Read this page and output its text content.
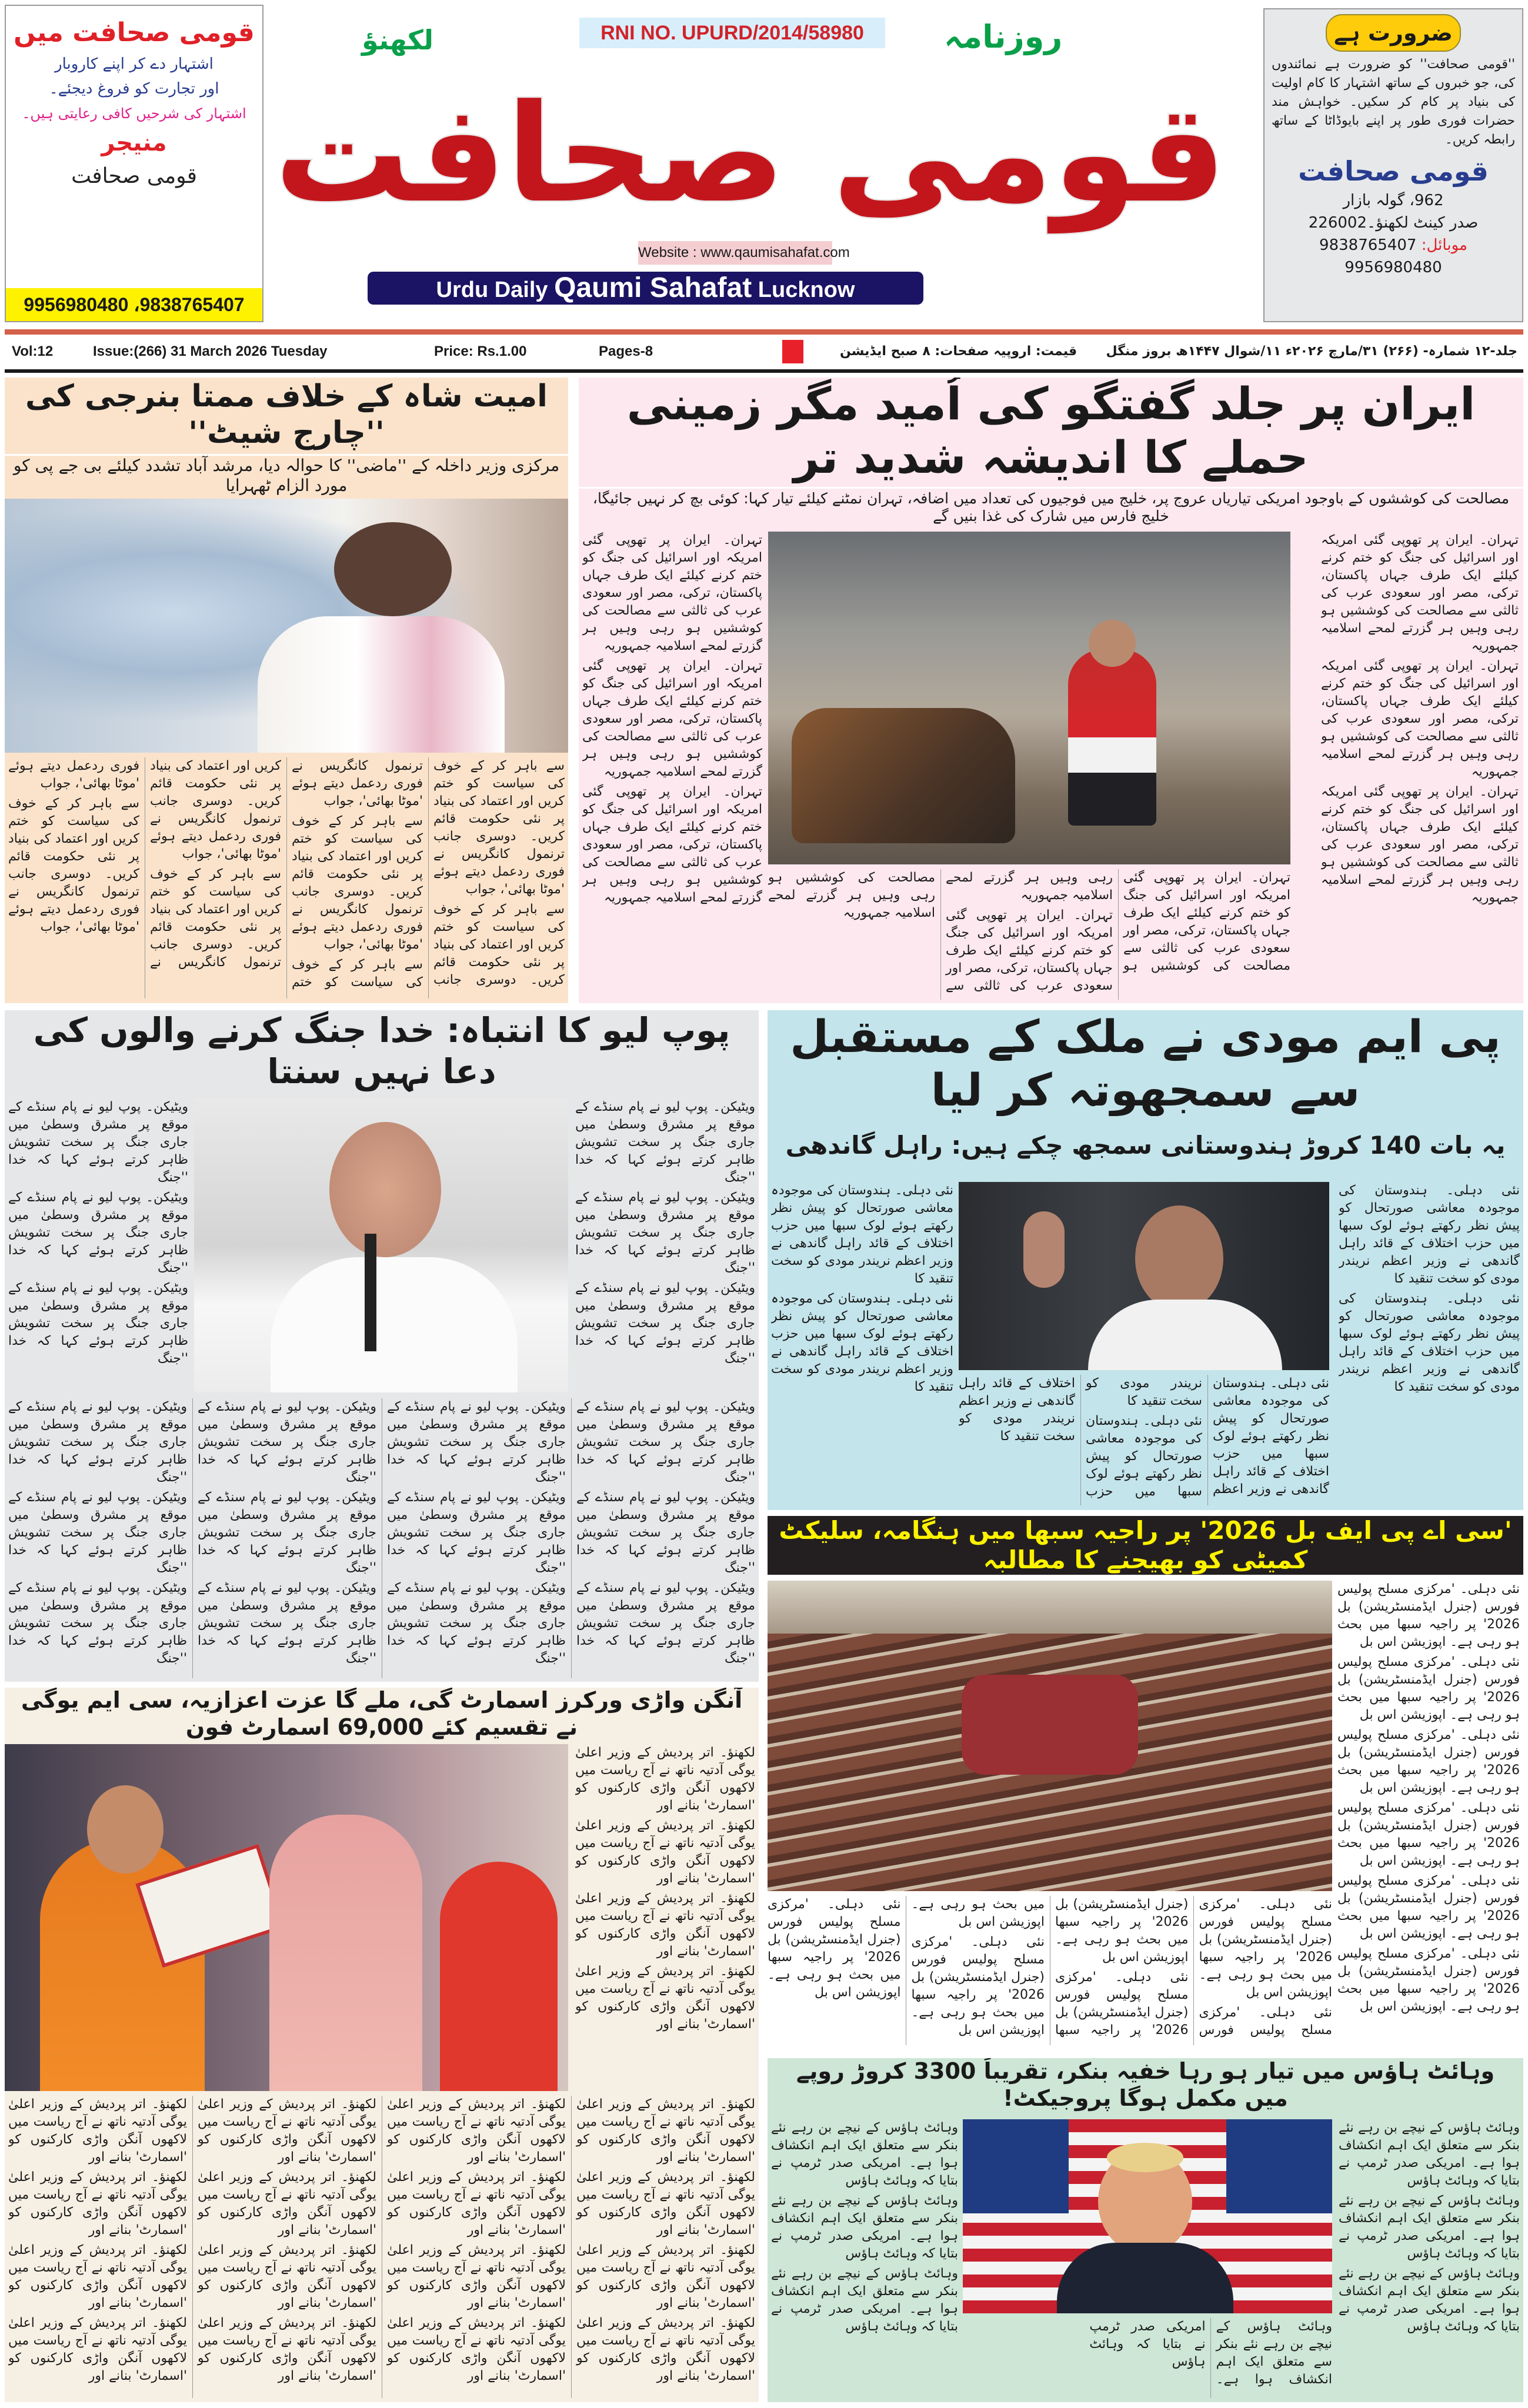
قومی صحافت میں
اشتہار دے کر اپنے کاروبار
اور تجارت کو فروغ دیجئے۔
اشتہار کی شرحیں کافی رعایتی ہیں۔
منیجر
قومی صحافت
9956980480 ،9838765407
لکھنؤ	RNI NO. UPURD/2014/58980	روزنامہ
قومی صحافت
Website : www.qaumisahafat.com
Urdu Daily Qaumi Sahafat Lucknow
ضرورت ہے
''قومی صحافت'' کو ضرورت ہے نمائندوں کی، جو خبروں کے ساتھ اشتہار کا کام اولیت کی بنیاد پر کام کر سکیں۔ خواہش مند حضرات فوری طور پر اپنے بایوڈاٹا کے ساتھ رابطہ کریں۔
قومی صحافت
962، گولہ بازار
صدر کینٹ لکھنؤ۔226002
موبائل: 9838765407
9956980480
Vol:12	Issue:(266) 31 March 2026 Tuesday	Price: Rs.1.00	Pages-8	قیمت: اروپیہ صفحات: ۸ صبح ایڈیشن جلد-۱۲ شمارہ- (۲۶۶) ۳۱/مارچ ۲۰۲۶ء ۱۱/شوال ۱۴۴۷ھ بروز منگل
امیت شاہ کے خلاف ممتا بنرجی کی ''چارج شیٹ''
مرکزی وزیر داخلہ کے ''ماضی'' کا حوالہ دیا، مرشد آباد تشدد کیلئے بی جے پی کو مورد الزام ٹھہرایا

سے باہر کر کے خوف کی سیاست کو ختم کریں اور اعتماد کی بنیاد پر نئی حکومت قائم کریں۔ دوسری جانب ترنمول کانگریس نے فوری ردعمل دیتے ہوئے 'موٹا بھائی'، جواب

سے باہر کر کے خوف کی سیاست کو ختم کریں اور اعتماد کی بنیاد پر نئی حکومت قائم کریں۔ دوسری جانب ترنمول کانگریس نے فوری ردعمل دیتے ہوئے 'موٹا بھائی'، جواب

سے باہر کر کے خوف کی سیاست کو ختم کریں اور اعتماد کی بنیاد پر نئی حکومت قائم کریں۔ دوسری جانب ترنمول کانگریس نے فوری ردعمل دیتے ہوئے 'موٹا بھائی'، جواب

سے باہر کر کے خوف کی سیاست کو ختم کریں اور اعتماد کی بنیاد پر نئی حکومت قائم کریں۔ دوسری جانب ترنمول کانگریس نے فوری ردعمل دیتے ہوئے 'موٹا بھائی'، جواب

سے باہر کر کے خوف کی سیاست کو ختم کریں اور اعتماد کی بنیاد پر نئی حکومت قائم کریں۔ دوسری جانب ترنمول کانگریس نے فوری ردعمل دیتے ہوئے 'موٹا بھائی'، جواب

سے باہر کر کے خوف کی سیاست کو ختم کریں اور اعتماد کی بنیاد پر نئی حکومت قائم کریں۔ دوسری جانب ترنمول کانگریس نے فوری ردعمل دیتے ہوئے 'موٹا بھائی'، جواب

ایران پر جلد گفتگو کی اُمید مگر زمینی حملے کا اندیشہ شدید تر
مصالحت کی کوششوں کے باوجود امریکی تیاریاں عروج پر، خلیج میں فوجیوں کی تعداد میں اضافہ، تہران نمٹنے کیلئے تیار کہا: کوئی بچ کر نہیں جائیگا، خلیج فارس میں شارک کی غذا بنیں گے

تہران۔ ایران پر تھوپی گئی امریکہ اور اسرائیل کی جنگ کو ختم کرنے کیلئے ایک طرف جہاں پاکستان، ترکی، مصر اور سعودی عرب کی ثالثی سے مصالحت کی کوششیں ہو رہی وہیں ہر گزرتے لمحے اسلامیہ جمہوریہ

تہران۔ ایران پر تھوپی گئی امریکہ اور اسرائیل کی جنگ کو ختم کرنے کیلئے ایک طرف جہاں پاکستان، ترکی، مصر اور سعودی عرب کی ثالثی سے مصالحت کی کوششیں ہو رہی وہیں ہر گزرتے لمحے اسلامیہ جمہوریہ

تہران۔ ایران پر تھوپی گئی امریکہ اور اسرائیل کی جنگ کو ختم کرنے کیلئے ایک طرف جہاں پاکستان، ترکی، مصر اور سعودی عرب کی ثالثی سے مصالحت کی کوششیں ہو رہی وہیں ہر گزرتے لمحے اسلامیہ جمہوریہ

تہران۔ ایران پر تھوپی گئی امریکہ اور اسرائیل کی جنگ کو ختم کرنے کیلئے ایک طرف جہاں پاکستان، ترکی، مصر اور سعودی عرب کی ثالثی سے مصالحت کی کوششیں ہو رہی وہیں ہر گزرتے لمحے اسلامیہ جمہوریہ

تہران۔ ایران پر تھوپی گئی امریکہ اور اسرائیل کی جنگ کو ختم کرنے کیلئے ایک طرف جہاں پاکستان، ترکی، مصر اور سعودی عرب کی ثالثی سے مصالحت کی کوششیں ہو رہی وہیں ہر گزرتے لمحے اسلامیہ جمہوریہ

تہران۔ ایران پر تھوپی گئی امریکہ اور اسرائیل کی جنگ کو ختم کرنے کیلئے ایک طرف جہاں پاکستان، ترکی، مصر اور سعودی عرب کی ثالثی سے مصالحت کی کوششیں ہو رہی وہیں ہر گزرتے لمحے اسلامیہ جمہوریہ

تہران۔ ایران پر تھوپی گئی امریکہ اور اسرائیل کی جنگ کو ختم کرنے کیلئے ایک طرف جہاں پاکستان، ترکی، مصر اور سعودی عرب کی ثالثی سے مصالحت کی کوششیں ہو رہی وہیں ہر گزرتے لمحے اسلامیہ جمہوریہ

تہران۔ ایران پر تھوپی گئی امریکہ اور اسرائیل کی جنگ کو ختم کرنے کیلئے ایک طرف جہاں پاکستان، ترکی، مصر اور سعودی عرب کی ثالثی سے مصالحت کی کوششیں ہو رہی وہیں ہر گزرتے لمحے اسلامیہ جمہوریہ

پوپ لیو کا انتباہ: خدا جنگ کرنے والوں کی دعا نہیں سنتا

ویٹیکن۔ پوپ لیو نے پام سنڈے کے موقع پر مشرق وسطیٰ میں جاری جنگ پر سخت تشویش ظاہر کرتے ہوئے کہا کہ خدا ''جنگ

ویٹیکن۔ پوپ لیو نے پام سنڈے کے موقع پر مشرق وسطیٰ میں جاری جنگ پر سخت تشویش ظاہر کرتے ہوئے کہا کہ خدا ''جنگ

ویٹیکن۔ پوپ لیو نے پام سنڈے کے موقع پر مشرق وسطیٰ میں جاری جنگ پر سخت تشویش ظاہر کرتے ہوئے کہا کہ خدا ''جنگ

ویٹیکن۔ پوپ لیو نے پام سنڈے کے موقع پر مشرق وسطیٰ میں جاری جنگ پر سخت تشویش ظاہر کرتے ہوئے کہا کہ خدا ''جنگ

ویٹیکن۔ پوپ لیو نے پام سنڈے کے موقع پر مشرق وسطیٰ میں جاری جنگ پر سخت تشویش ظاہر کرتے ہوئے کہا کہ خدا ''جنگ

ویٹیکن۔ پوپ لیو نے پام سنڈے کے موقع پر مشرق وسطیٰ میں جاری جنگ پر سخت تشویش ظاہر کرتے ہوئے کہا کہ خدا ''جنگ

ویٹیکن۔ پوپ لیو نے پام سنڈے کے موقع پر مشرق وسطیٰ میں جاری جنگ پر سخت تشویش ظاہر کرتے ہوئے کہا کہ خدا ''جنگ

ویٹیکن۔ پوپ لیو نے پام سنڈے کے موقع پر مشرق وسطیٰ میں جاری جنگ پر سخت تشویش ظاہر کرتے ہوئے کہا کہ خدا ''جنگ

ویٹیکن۔ پوپ لیو نے پام سنڈے کے موقع پر مشرق وسطیٰ میں جاری جنگ پر سخت تشویش ظاہر کرتے ہوئے کہا کہ خدا ''جنگ

ویٹیکن۔ پوپ لیو نے پام سنڈے کے موقع پر مشرق وسطیٰ میں جاری جنگ پر سخت تشویش ظاہر کرتے ہوئے کہا کہ خدا ''جنگ

ویٹیکن۔ پوپ لیو نے پام سنڈے کے موقع پر مشرق وسطیٰ میں جاری جنگ پر سخت تشویش ظاہر کرتے ہوئے کہا کہ خدا ''جنگ

ویٹیکن۔ پوپ لیو نے پام سنڈے کے موقع پر مشرق وسطیٰ میں جاری جنگ پر سخت تشویش ظاہر کرتے ہوئے کہا کہ خدا ''جنگ

ویٹیکن۔ پوپ لیو نے پام سنڈے کے موقع پر مشرق وسطیٰ میں جاری جنگ پر سخت تشویش ظاہر کرتے ہوئے کہا کہ خدا ''جنگ

ویٹیکن۔ پوپ لیو نے پام سنڈے کے موقع پر مشرق وسطیٰ میں جاری جنگ پر سخت تشویش ظاہر کرتے ہوئے کہا کہ خدا ''جنگ

ویٹیکن۔ پوپ لیو نے پام سنڈے کے موقع پر مشرق وسطیٰ میں جاری جنگ پر سخت تشویش ظاہر کرتے ہوئے کہا کہ خدا ''جنگ

ویٹیکن۔ پوپ لیو نے پام سنڈے کے موقع پر مشرق وسطیٰ میں جاری جنگ پر سخت تشویش ظاہر کرتے ہوئے کہا کہ خدا ''جنگ

ویٹیکن۔ پوپ لیو نے پام سنڈے کے موقع پر مشرق وسطیٰ میں جاری جنگ پر سخت تشویش ظاہر کرتے ہوئے کہا کہ خدا ''جنگ

ویٹیکن۔ پوپ لیو نے پام سنڈے کے موقع پر مشرق وسطیٰ میں جاری جنگ پر سخت تشویش ظاہر کرتے ہوئے کہا کہ خدا ''جنگ

پی ایم مودی نے ملک کے مستقبل سے سمجھوتہ کر لیا
یہ بات 140 کروڑ ہندوستانی سمجھ چکے ہیں: راہل گاندھی

نئی دہلی۔ ہندوستان کی موجودہ معاشی صورتحال کو پیش نظر رکھتے ہوئے لوک سبھا میں حزب اختلاف کے قائد راہل گاندھی نے وزیر اعظم نریندر مودی کو سخت تنقید کا

نئی دہلی۔ ہندوستان کی موجودہ معاشی صورتحال کو پیش نظر رکھتے ہوئے لوک سبھا میں حزب اختلاف کے قائد راہل گاندھی نے وزیر اعظم نریندر مودی کو سخت تنقید کا

نئی دہلی۔ ہندوستان کی موجودہ معاشی صورتحال کو پیش نظر رکھتے ہوئے لوک سبھا میں حزب اختلاف کے قائد راہل گاندھی نے وزیر اعظم نریندر مودی کو سخت تنقید کا

نئی دہلی۔ ہندوستان کی موجودہ معاشی صورتحال کو پیش نظر رکھتے ہوئے لوک سبھا میں حزب اختلاف کے قائد راہل گاندھی نے وزیر اعظم نریندر مودی کو سخت تنقید کا	نئی دہلی۔ ہندوستان کی موجودہ معاشی صورتحال کو پیش نظر رکھتے ہوئے لوک سبھا میں حزب اختلاف کے قائد راہل گاندھی نے وزیر اعظم نریندر مودی کو سخت تنقید کا

نئی دہلی۔ ہندوستان کی موجودہ معاشی صورتحال کو پیش نظر رکھتے ہوئے لوک سبھا میں حزب اختلاف کے قائد راہل گاندھی نے وزیر اعظم نریندر مودی کو سخت تنقید کا

'سی اے پی ایف بل 2026' پر راجیہ سبھا میں ہنگامہ، سلیکٹ کمیٹی کو بھیجنے کا مطالبہ

نئی دہلی۔ 'مرکزی مسلح پولیس فورس (جنرل ایڈمنسٹریشن) بل 2026' پر راجیہ سبھا میں بحث ہو رہی ہے۔ اپوزیشن اس بل

نئی دہلی۔ 'مرکزی مسلح پولیس فورس (جنرل ایڈمنسٹریشن) بل 2026' پر راجیہ سبھا میں بحث ہو رہی ہے۔ اپوزیشن اس بل

نئی دہلی۔ 'مرکزی مسلح پولیس فورس (جنرل ایڈمنسٹریشن) بل 2026' پر راجیہ سبھا میں بحث ہو رہی ہے۔ اپوزیشن اس بل

نئی دہلی۔ 'مرکزی مسلح پولیس فورس (جنرل ایڈمنسٹریشن) بل 2026' پر راجیہ سبھا میں بحث ہو رہی ہے۔ اپوزیشن اس بل

نئی دہلی۔ 'مرکزی مسلح پولیس فورس (جنرل ایڈمنسٹریشن) بل 2026' پر راجیہ سبھا میں بحث ہو رہی ہے۔ اپوزیشن اس بل

نئی دہلی۔ 'مرکزی مسلح پولیس فورس (جنرل ایڈمنسٹریشن) بل 2026' پر راجیہ سبھا میں بحث ہو رہی ہے۔ اپوزیشن اس بل

نئی دہلی۔ 'مرکزی مسلح پولیس فورس (جنرل ایڈمنسٹریشن) بل 2026' پر راجیہ سبھا میں بحث ہو رہی ہے۔ اپوزیشن اس بل

نئی دہلی۔ 'مرکزی مسلح پولیس فورس (جنرل ایڈمنسٹریشن) بل 2026' پر راجیہ سبھا میں بحث ہو رہی ہے۔ اپوزیشن اس بل

نئی دہلی۔ 'مرکزی مسلح پولیس فورس (جنرل ایڈمنسٹریشن) بل 2026' پر راجیہ سبھا میں بحث ہو رہی ہے۔ اپوزیشن اس بل

نئی دہلی۔ 'مرکزی مسلح پولیس فورس (جنرل ایڈمنسٹریشن) بل 2026' پر راجیہ سبھا میں بحث ہو رہی ہے۔ اپوزیشن اس بل

نئی دہلی۔ 'مرکزی مسلح پولیس فورس (جنرل ایڈمنسٹریشن) بل 2026' پر راجیہ سبھا میں بحث ہو رہی ہے۔ اپوزیشن اس بل

آنگن واڑی ورکرز اسمارٹ گی، ملے گا عزت اعزازیہ، سی ایم یوگی نے تقسیم کئے 69,000 اسمارٹ فون

لکھنؤ۔ اتر پردیش کے وزیر اعلیٰ یوگی آدتیہ ناتھ نے آج ریاست میں لاکھوں آنگن واڑی کارکنوں کو 'اسمارٹ' بنانے اور

لکھنؤ۔ اتر پردیش کے وزیر اعلیٰ یوگی آدتیہ ناتھ نے آج ریاست میں لاکھوں آنگن واڑی کارکنوں کو 'اسمارٹ' بنانے اور

لکھنؤ۔ اتر پردیش کے وزیر اعلیٰ یوگی آدتیہ ناتھ نے آج ریاست میں لاکھوں آنگن واڑی کارکنوں کو 'اسمارٹ' بنانے اور

لکھنؤ۔ اتر پردیش کے وزیر اعلیٰ یوگی آدتیہ ناتھ نے آج ریاست میں لاکھوں آنگن واڑی کارکنوں کو 'اسمارٹ' بنانے اور

لکھنؤ۔ اتر پردیش کے وزیر اعلیٰ یوگی آدتیہ ناتھ نے آج ریاست میں لاکھوں آنگن واڑی کارکنوں کو 'اسمارٹ' بنانے اور

لکھنؤ۔ اتر پردیش کے وزیر اعلیٰ یوگی آدتیہ ناتھ نے آج ریاست میں لاکھوں آنگن واڑی کارکنوں کو 'اسمارٹ' بنانے اور

لکھنؤ۔ اتر پردیش کے وزیر اعلیٰ یوگی آدتیہ ناتھ نے آج ریاست میں لاکھوں آنگن واڑی کارکنوں کو 'اسمارٹ' بنانے اور

لکھنؤ۔ اتر پردیش کے وزیر اعلیٰ یوگی آدتیہ ناتھ نے آج ریاست میں لاکھوں آنگن واڑی کارکنوں کو 'اسمارٹ' بنانے اور

لکھنؤ۔ اتر پردیش کے وزیر اعلیٰ یوگی آدتیہ ناتھ نے آج ریاست میں لاکھوں آنگن واڑی کارکنوں کو 'اسمارٹ' بنانے اور

لکھنؤ۔ اتر پردیش کے وزیر اعلیٰ یوگی آدتیہ ناتھ نے آج ریاست میں لاکھوں آنگن واڑی کارکنوں کو 'اسمارٹ' بنانے اور

لکھنؤ۔ اتر پردیش کے وزیر اعلیٰ یوگی آدتیہ ناتھ نے آج ریاست میں لاکھوں آنگن واڑی کارکنوں کو 'اسمارٹ' بنانے اور

لکھنؤ۔ اتر پردیش کے وزیر اعلیٰ یوگی آدتیہ ناتھ نے آج ریاست میں لاکھوں آنگن واڑی کارکنوں کو 'اسمارٹ' بنانے اور

لکھنؤ۔ اتر پردیش کے وزیر اعلیٰ یوگی آدتیہ ناتھ نے آج ریاست میں لاکھوں آنگن واڑی کارکنوں کو 'اسمارٹ' بنانے اور

لکھنؤ۔ اتر پردیش کے وزیر اعلیٰ یوگی آدتیہ ناتھ نے آج ریاست میں لاکھوں آنگن واڑی کارکنوں کو 'اسمارٹ' بنانے اور

لکھنؤ۔ اتر پردیش کے وزیر اعلیٰ یوگی آدتیہ ناتھ نے آج ریاست میں لاکھوں آنگن واڑی کارکنوں کو 'اسمارٹ' بنانے اور

لکھنؤ۔ اتر پردیش کے وزیر اعلیٰ یوگی آدتیہ ناتھ نے آج ریاست میں لاکھوں آنگن واڑی کارکنوں کو 'اسمارٹ' بنانے اور

لکھنؤ۔ اتر پردیش کے وزیر اعلیٰ یوگی آدتیہ ناتھ نے آج ریاست میں لاکھوں آنگن واڑی کارکنوں کو 'اسمارٹ' بنانے اور

لکھنؤ۔ اتر پردیش کے وزیر اعلیٰ یوگی آدتیہ ناتھ نے آج ریاست میں لاکھوں آنگن واڑی کارکنوں کو 'اسمارٹ' بنانے اور

لکھنؤ۔ اتر پردیش کے وزیر اعلیٰ یوگی آدتیہ ناتھ نے آج ریاست میں لاکھوں آنگن واڑی کارکنوں کو 'اسمارٹ' بنانے اور

لکھنؤ۔ اتر پردیش کے وزیر اعلیٰ یوگی آدتیہ ناتھ نے آج ریاست میں لاکھوں آنگن واڑی کارکنوں کو 'اسمارٹ' بنانے اور

وہائٹ ہاؤس میں تیار ہو رہا خفیہ بنکر، تقریباً 3300 کروڑ روپے میں مکمل ہوگا پروجیکٹ!

وہائٹ ہاؤس کے نیچے بن رہے نئے بنکر سے متعلق ایک اہم انکشاف ہوا ہے۔ امریکی صدر ٹرمپ نے بتایا کہ وہائٹ ہاؤس

وہائٹ ہاؤس کے نیچے بن رہے نئے بنکر سے متعلق ایک اہم انکشاف ہوا ہے۔ امریکی صدر ٹرمپ نے بتایا کہ وہائٹ ہاؤس

وہائٹ ہاؤس کے نیچے بن رہے نئے بنکر سے متعلق ایک اہم انکشاف ہوا ہے۔ امریکی صدر ٹرمپ نے بتایا کہ وہائٹ ہاؤس

وہائٹ ہاؤس کے نیچے بن رہے نئے بنکر سے متعلق ایک اہم انکشاف ہوا ہے۔ امریکی صدر ٹرمپ نے بتایا کہ وہائٹ ہاؤس

وہائٹ ہاؤس کے نیچے بن رہے نئے بنکر سے متعلق ایک اہم انکشاف ہوا ہے۔ امریکی صدر ٹرمپ نے بتایا کہ وہائٹ ہاؤس

وہائٹ ہاؤس کے نیچے بن رہے نئے بنکر سے متعلق ایک اہم انکشاف ہوا ہے۔ امریکی صدر ٹرمپ نے بتایا کہ وہائٹ ہاؤس	وہائٹ ہاؤس کے نیچے بن رہے نئے بنکر سے متعلق ایک اہم انکشاف ہوا ہے۔ امریکی صدر ٹرمپ نے بتایا کہ وہائٹ ہاؤس
